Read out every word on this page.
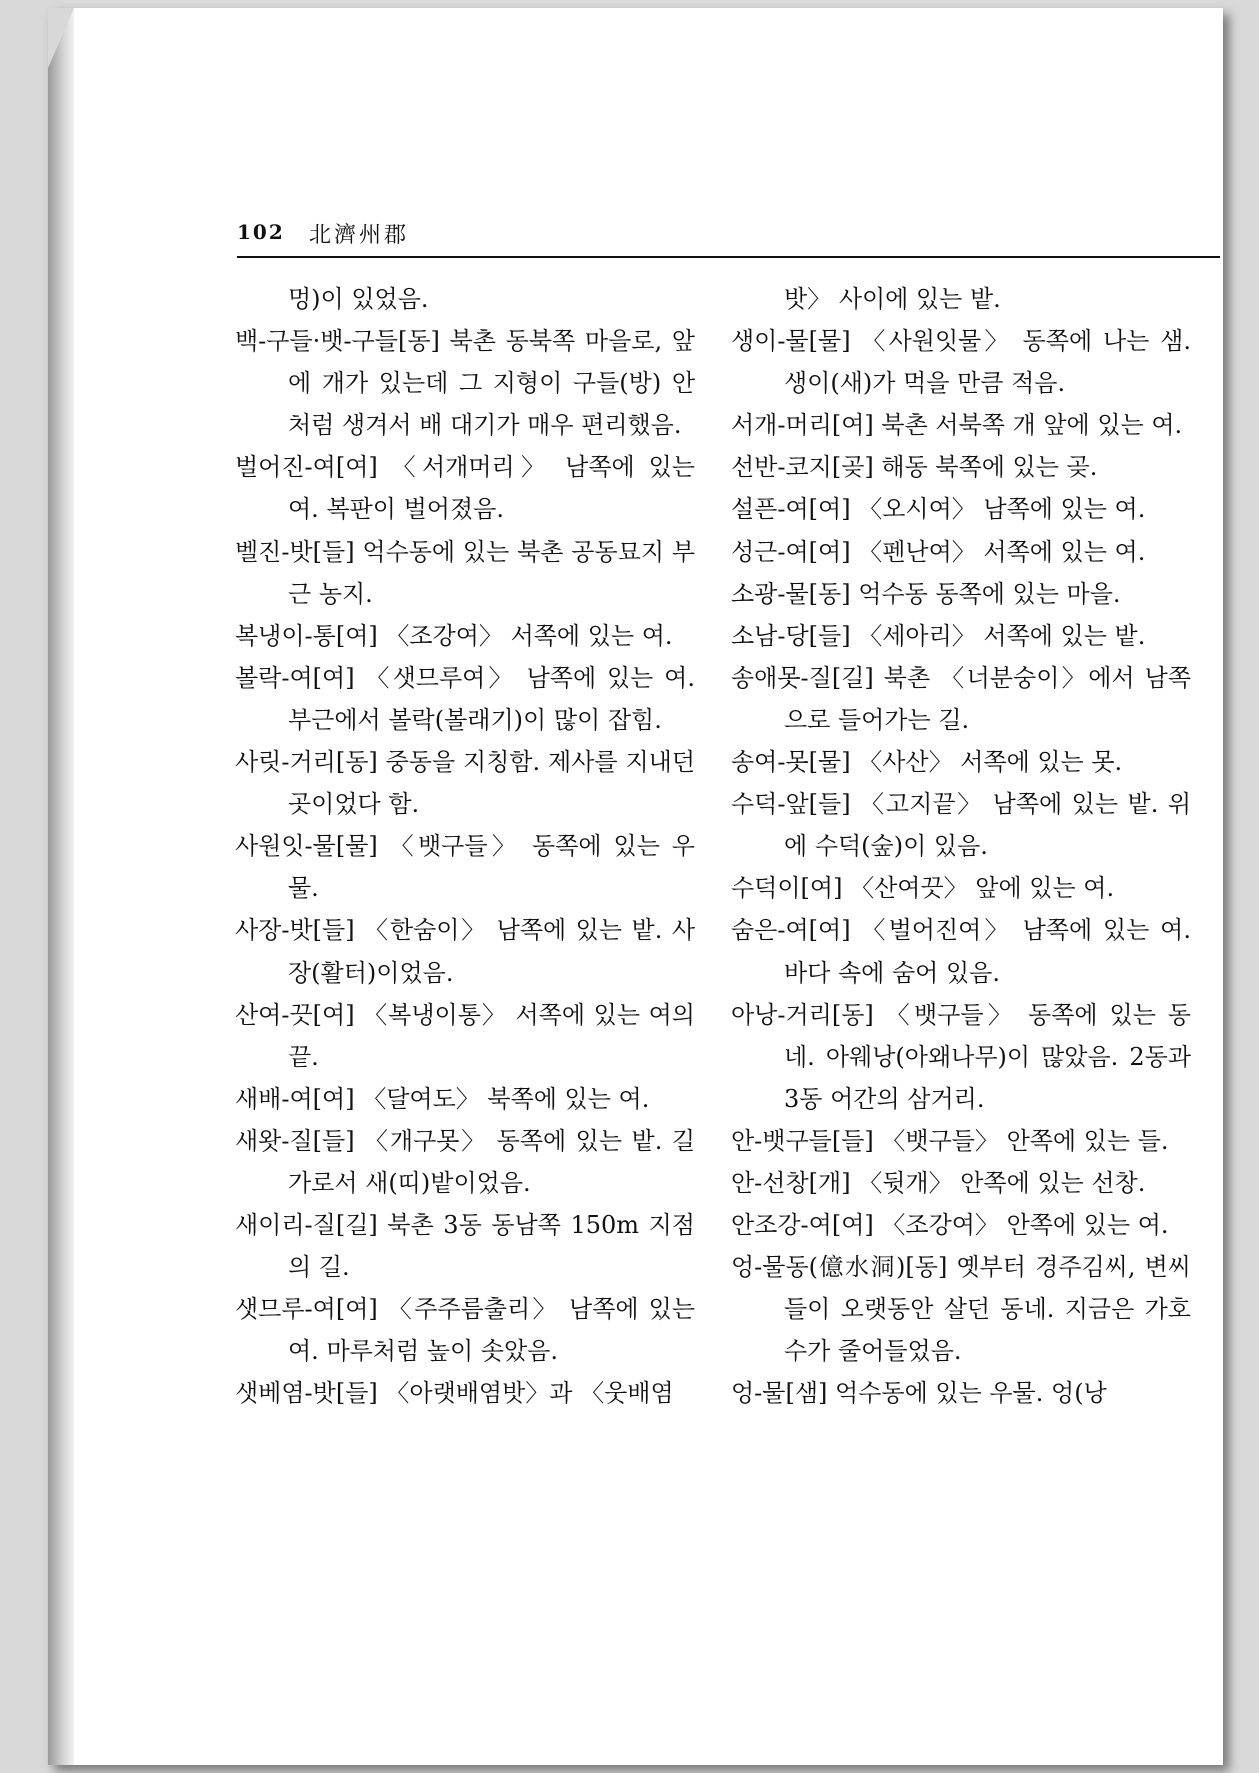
102 北濟州郡

멍)이 있었음.

백-구들·뱃-구들[동] 북촌 동북쪽 마을로, 앞에 개가 있는데 그 지형이 구들(방) 안처럼 생겨서 배 대기가 매우 편리했음.

벌어진-여[여] 〈서개머리〉 남쪽에 있는 여. 복판이 벌어졌음.

벨진-밧[들] 억수동에 있는 북촌 공동묘지 부근 농지.

복냉이-통[여] 〈조강여〉 서쪽에 있는 여.

볼락-여[여] 〈샛므루여〉 남쪽에 있는 여. 부근에서 볼락(볼래기)이 많이 잡힘.

사릿-거리[동] 중동을 지칭함. 제사를 지내던 곳이었다 함.

사원잇-물[물] 〈뱃구들〉 동쪽에 있는 우물.

사장-밧[들] 〈한숨이〉 남쪽에 있는 밭. 사장(활터)이었음.

산여-끗[여] 〈복냉이통〉 서쪽에 있는 여의 끝.

새배-여[여] 〈달여도〉 북쪽에 있는 여.

새왓-질[들] 〈개구못〉 동쪽에 있는 밭. 길가로서 새(띠)밭이었음.

새이리-질[길] 북촌 3동 동남쪽 150m 지점의 길.

샛므루-여[여] 〈주주름출리〉 남쪽에 있는 여. 마루처럼 높이 솟았음.

샛베염-밧[들] 〈아랫배염밧〉과 〈웃배염

밧〉 사이에 있는 밭.

생이-물[물] 〈사원잇물〉 동쪽에 나는 샘. 생이(새)가 먹을 만큼 적음.

서개-머리[여] 북촌 서북쪽 개 앞에 있는 여.

선반-코지[곶] 해동 북쪽에 있는 곶.

설픈-여[여] 〈오시여〉 남쪽에 있는 여.

성근-여[여] 〈펜난여〉 서쪽에 있는 여.

소광-물[동] 억수동 동쪽에 있는 마을.

소남-당[들] 〈세아리〉 서쪽에 있는 밭.

송애못-질[길] 북촌 〈너분숭이〉에서 남쪽으로 들어가는 길.

송여-못[물] 〈사산〉 서쪽에 있는 못.

수덕-앞[들] 〈고지끝〉 남쪽에 있는 밭. 위에 수덕(숲)이 있음.

수덕이[여] 〈산여끗〉 앞에 있는 여.

숨은-여[여] 〈벌어진여〉 남쪽에 있는 여. 바다 속에 숨어 있음.

아낭-거리[동] 〈뱃구들〉 동쪽에 있는 동네. 아웨낭(아왜나무)이 많았음. 2동과 3동 어간의 삼거리.

안-뱃구들[들] 〈뱃구들〉 안쪽에 있는 들.

안-선창[개] 〈뒷개〉 안쪽에 있는 선창.

안조강-여[여] 〈조강여〉 안쪽에 있는 여.

엉-물동(億水洞)[동] 옛부터 경주김씨, 변씨들이 오랫동안 살던 동네. 지금은 가호 수가 줄어들었음.

엉-물[샘] 억수동에 있는 우물. 엉(낭
